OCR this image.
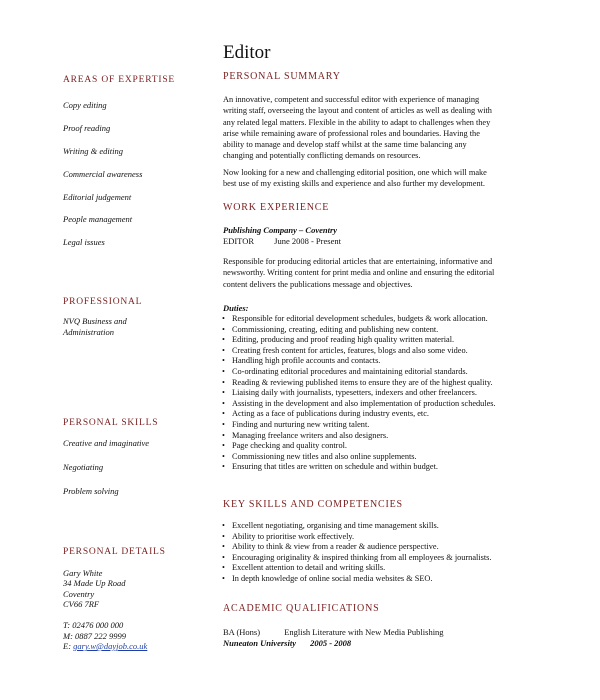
Editor
AREAS OF EXPERTISE
Copy editing
Proof reading
Writing & editing
Commercial awareness
Editorial judgement
People management
Legal issues
PROFESSIONAL
NVQ Business and
Administration
PERSONAL SKILLS
Creative and imaginative
Negotiating
Problem solving
PERSONAL DETAILS
Gary White
34 Made Up Road
Coventry
CV66 7RF
T: 02476 000 000
M: 0887 222 9999
E: gary.w@dayjob.co.uk
PERSONAL SUMMARY
An innovative, competent and successful editor with experience of managing
writing staff, overseeing the layout and content of articles as well as dealing with
any related legal matters. Flexible in the ability to adapt to challenges when they
arise while remaining aware of professional roles and boundaries. Having the
ability to manage and develop staff whilst at the same time balancing any
changing and potentially conflicting demands on resources.
Now looking for a new and challenging editorial position, one which will make
best use of my existing skills and experience and also further my development.
WORK EXPERIENCE
Publishing Company – Coventry
EDITOR June 2008 - Present
Responsible for producing editorial articles that are entertaining, informative and
newsworthy. Writing content for print media and online and ensuring the editorial
content delivers the publications message and objectives.
Duties:
• Responsible for editorial development schedules, budgets & work allocation.
• Commissioning, creating, editing and publishing new content.
• Editing, producing and proof reading high quality written material.
• Creating fresh content for articles, features, blogs and also some video.
• Handling high profile accounts and contacts.
• Co-ordinating editorial procedures and maintaining editorial standards.
• Reading & reviewing published items to ensure they are of the highest quality.
• Liaising daily with journalists, typesetters, indexers and other freelancers.
• Assisting in the development and also implementation of production schedules.
• Acting as a face of publications during industry events, etc.
• Finding and nurturing new writing talent.
• Managing freelance writers and also designers.
• Page checking and quality control.
• Commissioning new titles and also online supplements.
• Ensuring that titles are written on schedule and within budget.
KEY SKILLS AND COMPETENCIES
• Excellent negotiating, organising and time management skills.
• Ability to prioritise work effectively.
• Ability to think & view from a reader & audience perspective.
• Encouraging originality & inspired thinking from all employees & journalists.
• Excellent attention to detail and writing skills.
• In depth knowledge of online social media websites & SEO.
ACADEMIC QUALIFICATIONS
BA (Hons)	English Literature with New Media Publishing
Nuneaton University 2005 - 2008
